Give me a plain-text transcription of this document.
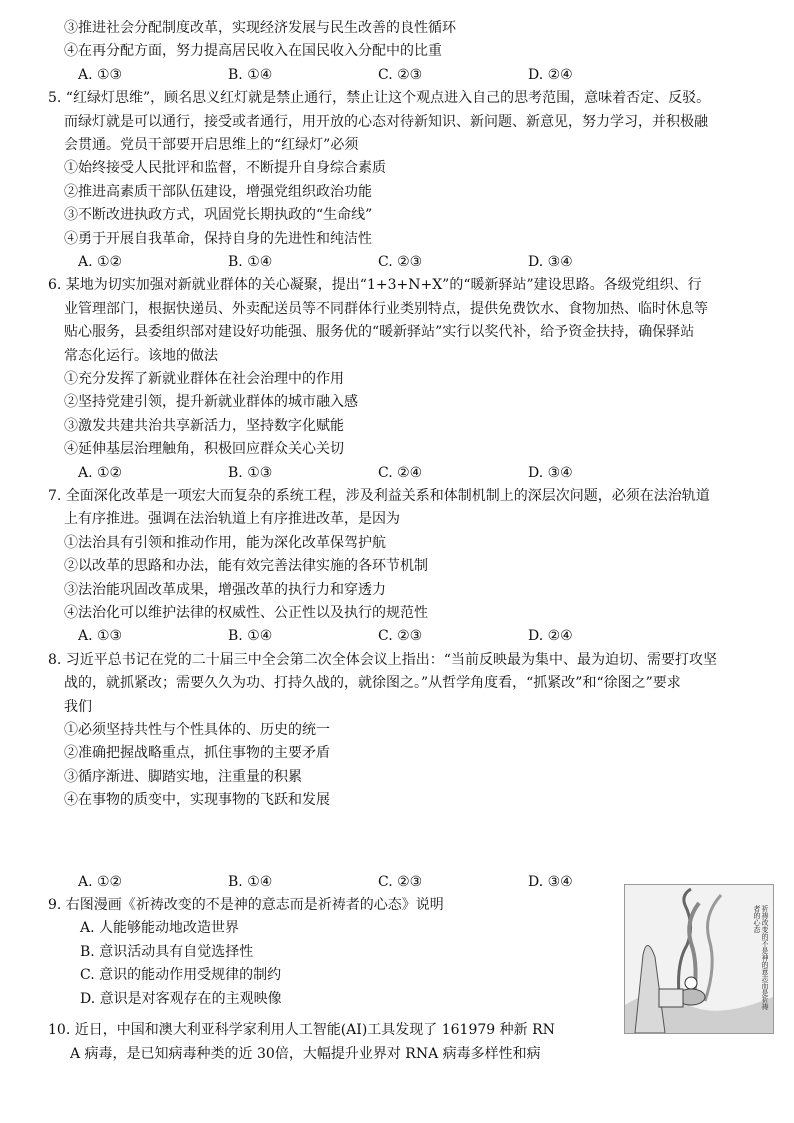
③推进社会分配制度改革，实现经济发展与民生改善的良性循环
④在再分配方面，努力提高居民收入在国民收入分配中的比重
A. ①③	B. ①④	C. ②③	D. ②④
5. “红绿灯思维”，顾名思义红灯就是禁止通行，禁止让这个观点进入自己的思考范围，意味着否定、反驳。
而绿灯就是可以通行，接受或者通行，用开放的心态对待新知识、新问题、新意见，努力学习，并积极融
会贯通。党员干部要开启思维上的“红绿灯”必须
①始终接受人民批评和监督，不断提升自身综合素质
②推进高素质干部队伍建设，增强党组织政治功能
③不断改进执政方式，巩固党长期执政的“生命线”
④勇于开展自我革命，保持自身的先进性和纯洁性
A. ①②	B. ①④	C. ②③	D. ③④
6. 某地为切实加强对新就业群体的关心凝聚，提出“1+3+N+X”的“暖新驿站”建设思路。各级党组织、行
业管理部门，根据快递员、外卖配送员等不同群体行业类别特点，提供免费饮水、食物加热、临时休息等
贴心服务，县委组织部对建设好功能强、服务优的“暖新驿站”实行以奖代补，给予资金扶持，确保驿站
常态化运行。该地的做法
①充分发挥了新就业群体在社会治理中的作用
②坚持党建引领，提升新就业群体的城市融入感
③激发共建共治共享新活力，坚持数字化赋能
④延伸基层治理触角，积极回应群众关心关切
A. ①②	B. ①③	C. ②④	D. ③④
7. 全面深化改革是一项宏大而复杂的系统工程，涉及利益关系和体制机制上的深层次问题，必须在法治轨道
上有序推进。强调在法治轨道上有序推进改革，是因为
①法治具有引领和推动作用，能为深化改革保驾护航
②以改革的思路和办法，能有效完善法律实施的各环节机制
③法治能巩固改革成果，增强改革的执行力和穿透力
④法治化可以维护法律的权威性、公正性以及执行的规范性
A. ①③	B. ①④	C. ②③	D. ②④
8. 习近平总书记在党的二十届三中全会第二次全体会议上指出：“当前反映最为集中、最为迫切、需要打攻坚
战的，就抓紧改；需要久久为功、打持久战的，就徐图之。”从哲学角度看，“抓紧改”和“徐图之”要求
我们
①必须坚持共性与个性具体的、历史的统一
②准确把握战略重点，抓住事物的主要矛盾
③循序渐进、脚踏实地，注重量的积累
④在事物的质变中，实现事物的飞跃和发展
A. ①②	B. ①④	C. ②③	D. ③④
9. 右图漫画《祈祷改变的不是神的意志而是祈祷者的心态》说明
A. 人能够能动地改造世界
B. 意识活动具有自觉选择性
C. 意识的能动作用受规律的制约
D. 意识是对客观存在的主观映像	祈祷改变的不是神的意志而是祈祷者的心态
10. 近日，中国和澳大利亚科学家利用人工智能(AI)工具发现了 161979 种新 RN
A 病毒，是已知病毒种类的近 30倍，大幅提升业界对 RNA 病毒多样性和病
